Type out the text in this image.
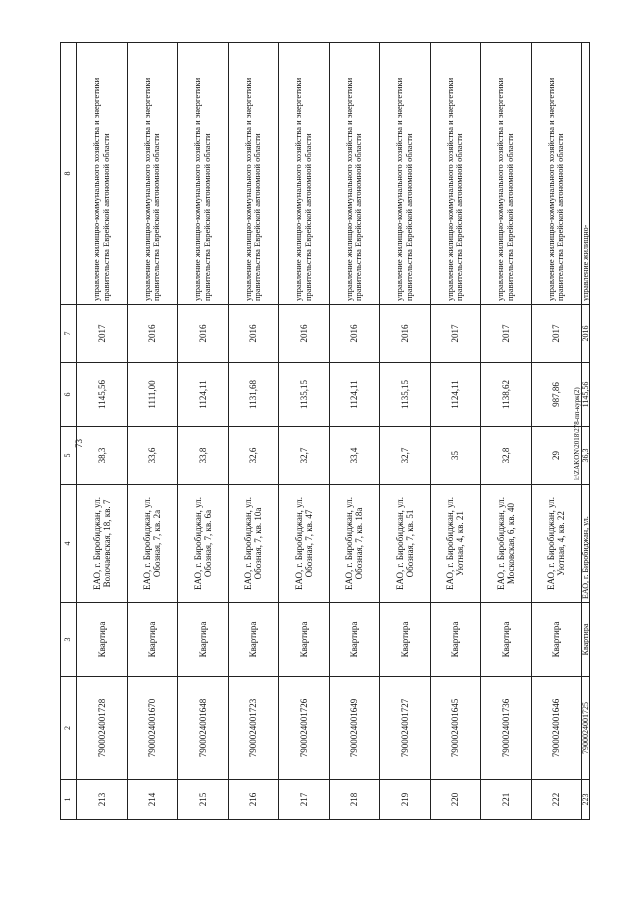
73
1	2	3	4	5	6	7	8
213	790002400172​8	Квартира	ЕАО, г. Биробиджан, ул. Волочаевская, 18, кв. 7	38,3	1145,56	2017	управление жилищно-коммунального хозяйства и энергетики правительства Еврейской автономной области
214	790002400167​0	Квартира	ЕАО, г. Биробиджан, ул. Обозная, 7, кв. 2а	33,6	1111,00	2016	управление жилищно-коммунального хозяйства и энергетики правительства Еврейской автономной области
215	790002400164​8	Квартира	ЕАО, г. Биробиджан, ул. Обозная, 7, кв. 6а	33,8	1124,11	2016	управление жилищно-коммунального хозяйства и энергетики правительства Еврейской автономной области
216	790002400172​3	Квартира	ЕАО, г. Биробиджан, ул. Обозная, 7, кв. 10а	32,6	1131,68	2016	управление жилищно-коммунального хозяйства и энергетики правительства Еврейской автономной области
217	790002400172​6	Квартира	ЕАО, г. Биробиджан, ул. Обозная, 7, кв. 47	32,7	1135,15	2016	управление жилищно-коммунального хозяйства и энергетики правительства Еврейской автономной области
218	790002400164​9	Квартира	ЕАО, г. Биробиджан, ул. Обозная, 7, кв. 18а	33,4	1124,11	2016	управление жилищно-коммунального хозяйства и энергетики правительства Еврейской автономной области
219	790002400172​7	Квартира	ЕАО, г. Биробиджан, ул. Обозная, 7, кв. 51	32,7	1135,15	2016	управление жилищно-коммунального хозяйства и энергетики правительства Еврейской автономной области
220	790002400164​5	Квартира	ЕАО, г. Биробиджан, ул. Уютная, 4, кв. 21	35	1124,11	2017	управление жилищно-коммунального хозяйства и энергетики правительства Еврейской автономной области
221	790002400173​6	Квартира	ЕАО, г. Биробиджан, ул. Московская, 6, кв. 40	32,8	1138,62	2017	управление жилищно-коммунального хозяйства и энергетики правительства Еврейской автономной области
222	790002400164​6	Квартира	ЕАО, г. Биробиджан, ул. Уютная, 4, кв. 22	29	987,86	2017	управление жилищно-коммунального хозяйства и энергетики правительства Еврейской автономной области
223	790002400172​5	Квартира	ЕАО, г. Биробиджан, ул.	36,3	1145,56	2016	управление жилищно-
i:\ZAKON\2018\278-пп-курк(2)
